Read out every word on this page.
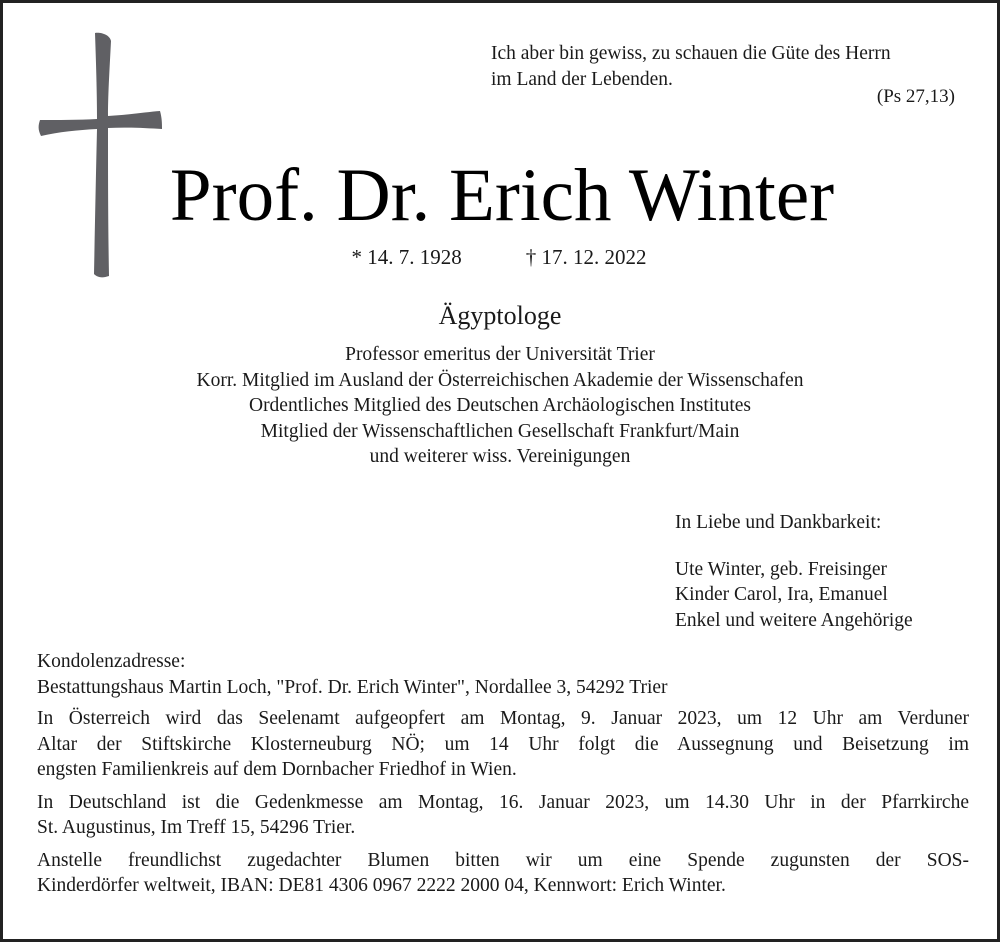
Ich aber bin gewiss, zu schauen die Güte des Herrn
im Land der Lebenden.
(Ps 27,13)
Prof. Dr. Erich Winter
* 14. 7. 1928	† 17. 12. 2022
Ägyptologe
Professor emeritus der Universität Trier
Korr. Mitglied im Ausland der Österreichischen Akademie der Wissenschafen
Ordentliches Mitglied des Deutschen Archäologischen Institutes
Mitglied der Wissenschaftlichen Gesellschaft Frankfurt/Main
und weiterer wiss. Vereinigungen
In Liebe und Dankbarkeit:
Ute Winter, geb. Freisinger
Kinder Carol, Ira, Emanuel
Enkel und weitere Angehörige
Kondolenzadresse:
Bestattungshaus Martin Loch, "Prof. Dr. Erich Winter", Nordallee 3, 54292 Trier
In Österreich wird das Seelenamt aufgeopfert am Montag, 9. Januar 2023, um 12 Uhr am Verduner
Altar der Stiftskirche Klosterneuburg NÖ; um 14 Uhr folgt die Aussegnung und Beisetzung im
engsten Familienkreis auf dem Dornbacher Friedhof in Wien.
In Deutschland ist die Gedenkmesse am Montag, 16. Januar 2023, um 14.30 Uhr in der Pfarrkirche
St. Augustinus, Im Treff 15, 54296 Trier.
Anstelle freundlichst zugedachter Blumen bitten wir um eine Spende zugunsten der SOS-
Kinderdörfer weltweit, IBAN: DE81 4306 0967 2222 2000 04, Kennwort: Erich Winter.
